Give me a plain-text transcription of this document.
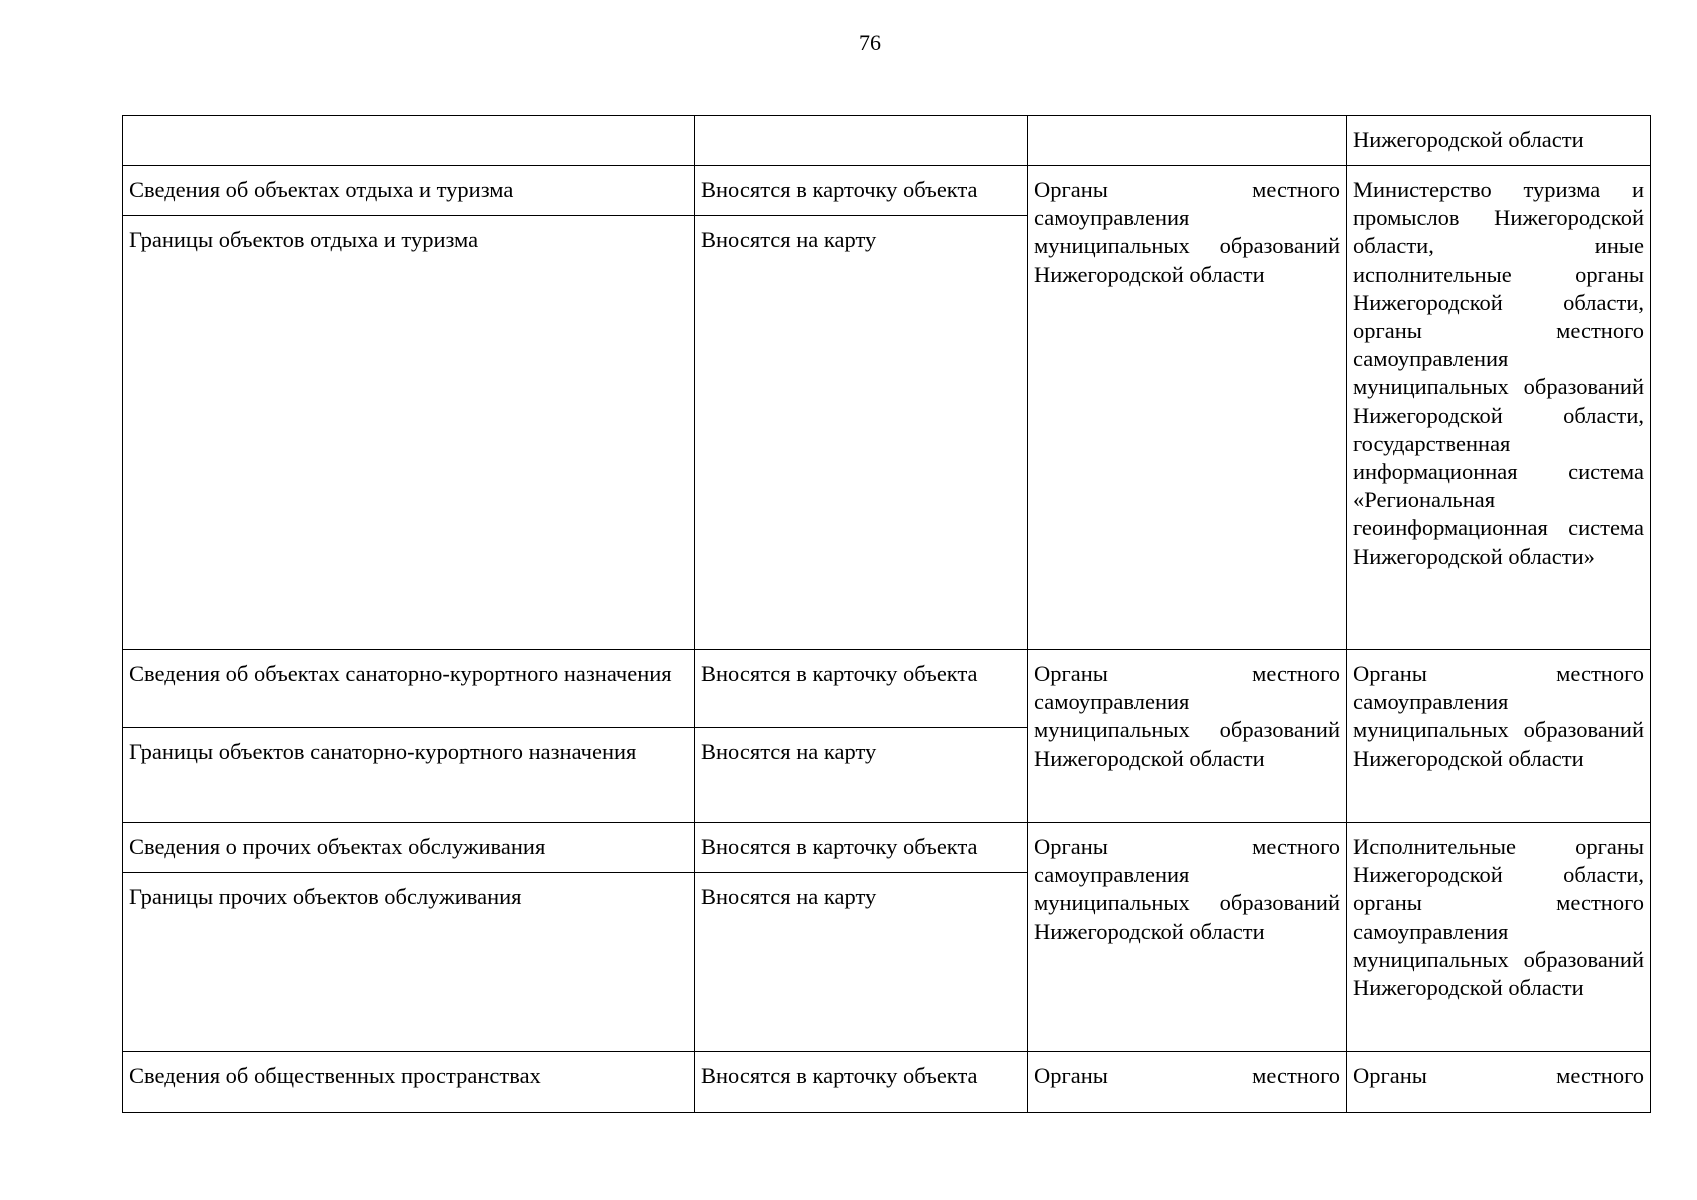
76
			Нижегородской области
Сведения об объектах отдыха и туризма	Вносятся в карточку объекта	Органы местного самоуправления муниципальных образований Нижегородской области	Министерство туризма и промыслов Нижегородской области, иные исполнительные органы Нижегородской области, органы местного самоуправления муниципальных образований Нижегородской области, государственная информационная система «Региональная геоинформационная система Нижегородской области»
Границы объектов отдыха и туризма	Вносятся на карту		
Сведения об объектах санаторно-курортного назначения	Вносятся в карточку объекта	Органы местного самоуправления муниципальных образований Нижегородской области	Органы местного самоуправления муниципальных образований Нижегородской области
Границы объектов санаторно-курортного назначения	Вносятся на карту		
Сведения о прочих объектах обслуживания	Вносятся в карточку объекта	Органы местного самоуправления муниципальных образований Нижегородской области	Исполнительные органы Нижегородской области, органы местного самоуправления муниципальных образований Нижегородской области
Границы прочих объектов обслуживания	Вносятся на карту		
Сведения об общественных пространствах	Вносятся в карточку объекта	Органы местного	Органы местного
